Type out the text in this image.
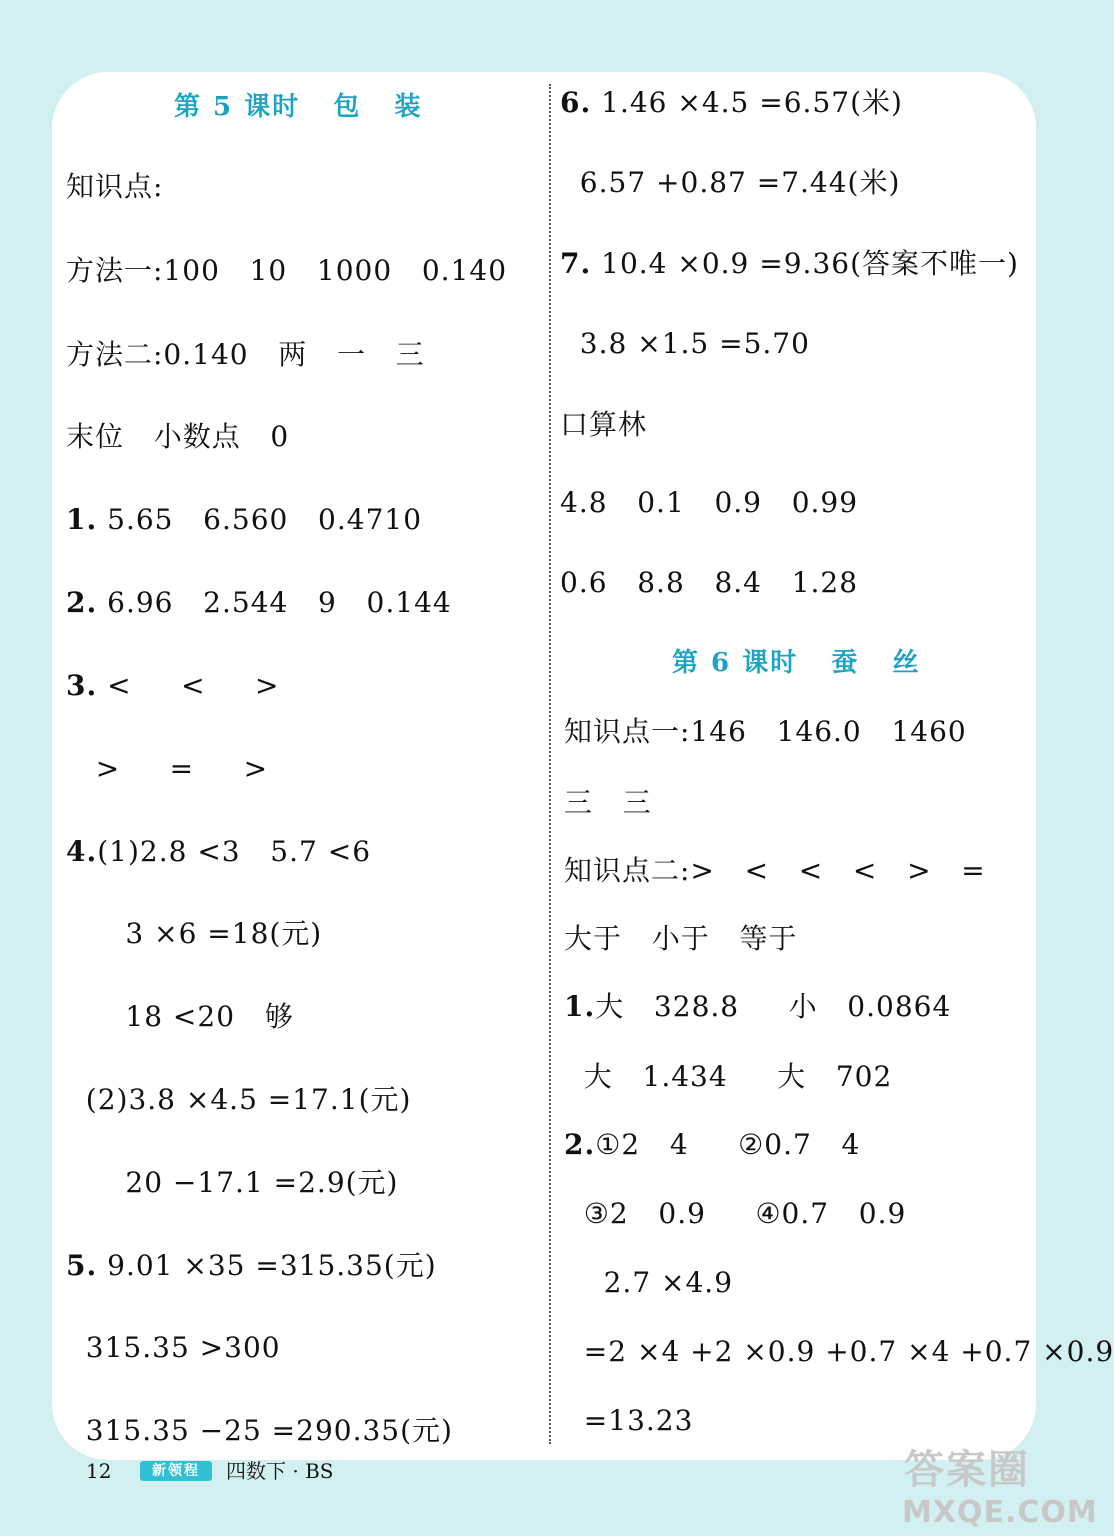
第 5 课时   包   装
知识点:
方法一:100   10   1000   0.140
方法二:0.140   两   一   三
末位   小数点   0
1. 5.65   6.560   0.4710
2. 6.96   2.544   9   0.144
3. <     <     >
>     =     >
4.(1)2.8 <3   5.7 <6
3 ×6 =18(元)
18 <20   够
(2)3.8 ×4.5 =17.1(元)
20 −17.1 =2.9(元)
5. 9.01 ×35 =315.35(元)
315.35 >300
315.35 −25 =290.35(元)
6. 1.46 ×4.5 =6.57(米)
6.57 +0.87 =7.44(米)
7. 10.4 ×0.9 =9.36(答案不唯一)
3.8 ×1.5 =5.70
口算林
4.8   0.1   0.9   0.99
0.6   8.8   8.4   1.28
第 6 课时   蚕   丝
知识点一:146   146.0   1460
三   三
知识点二:>   <   <   <   >   =
大于   小于   等于
1.大   328.8     小   0.0864
大   1.434     大   702
2.①2   4     ②0.7   4
③2   0.9     ④0.7   0.9
2.7 ×4.9
=2 ×4 +2 ×0.9 +0.7 ×4 +0.7 ×0.9
=13.23
12	新领程	四数下 · BS	答案圈
MXQE.COM
